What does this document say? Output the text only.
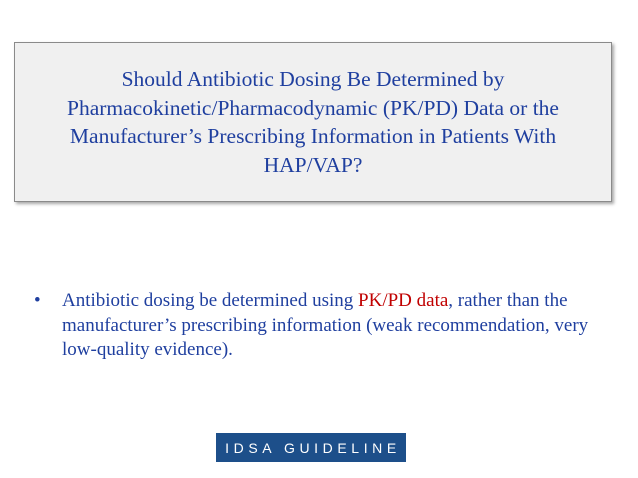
Should Antibiotic Dosing Be Determined by Pharmacokinetic/Pharmacodynamic (PK/PD) Data or the Manufacturer’s Prescribing Information in Patients With HAP/VAP?

• Antibiotic dosing be determined using PK/PD data, rather than the manufacturer’s prescribing information (weak recommendation, very low-quality evidence).
IDSA GUIDELINE
